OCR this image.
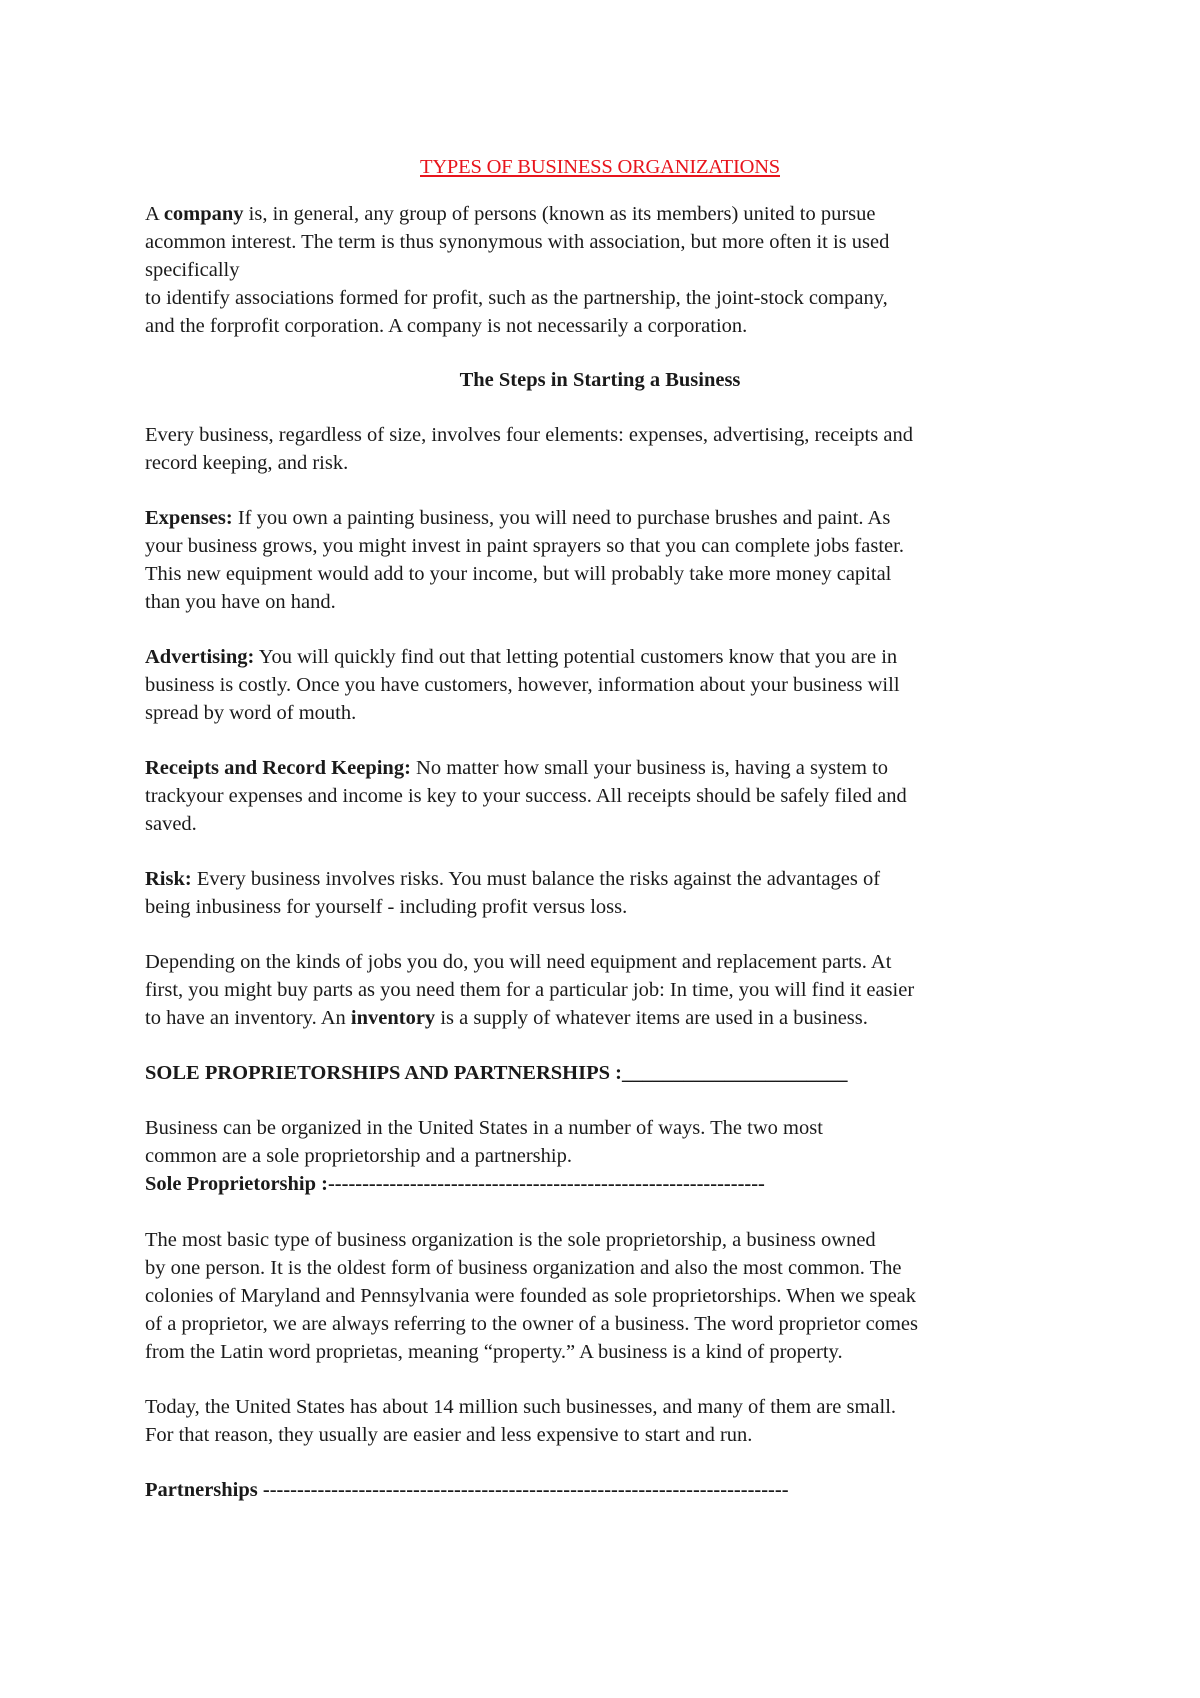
TYPES OF BUSINESS ORGANIZATIONS
A company is, in general, any group of persons (known as its members) united to pursue
acommon interest. The term is thus synonymous with association, but more often it is used
specifically
to identify associations formed for profit, such as the partnership, the joint-stock company,
and the forprofit corporation. A company is not necessarily a corporation.
The Steps in Starting a Business
Every business, regardless of size, involves four elements: expenses, advertising, receipts and
record keeping, and risk.
Expenses: If you own a painting business, you will need to purchase brushes and paint. As
your business grows, you might invest in paint sprayers so that you can complete jobs faster.
This new equipment would add to your income, but will probably take more money capital
than you have on hand.
Advertising: You will quickly find out that letting potential customers know that you are in
business is costly. Once you have customers, however, information about your business will
spread by word of mouth.
Receipts and Record Keeping: No matter how small your business is, having a system to
trackyour expenses and income is key to your success. All receipts should be safely filed and
saved.
Risk: Every business involves risks. You must balance the risks against the advantages of
being inbusiness for yourself - including profit versus loss.
Depending on the kinds of jobs you do, you will need equipment and replacement parts. At
first, you might buy parts as you need them for a particular job: In time, you will find it easier
to have an inventory. An inventory is a supply of whatever items are used in a business.
SOLE PROPRIETORSHIPS AND PARTNERSHIPS :______________________
Business can be organized in the United States in a number of ways. The two most
common are a sole proprietorship and a partnership.
Sole Proprietorship :----------------------------------------------------------------
The most basic type of business organization is the sole proprietorship, a business owned
by one person. It is the oldest form of business organization and also the most common. The
colonies of Maryland and Pennsylvania were founded as sole proprietorships. When we speak
of a proprietor, we are always referring to the owner of a business. The word proprietor comes
from the Latin word proprietas, meaning “property.” A business is a kind of property.
Today, the United States has about 14 million such businesses, and many of them are small.
For that reason, they usually are easier and less expensive to start and run.
Partnerships -----------------------------------------------------------------------------
